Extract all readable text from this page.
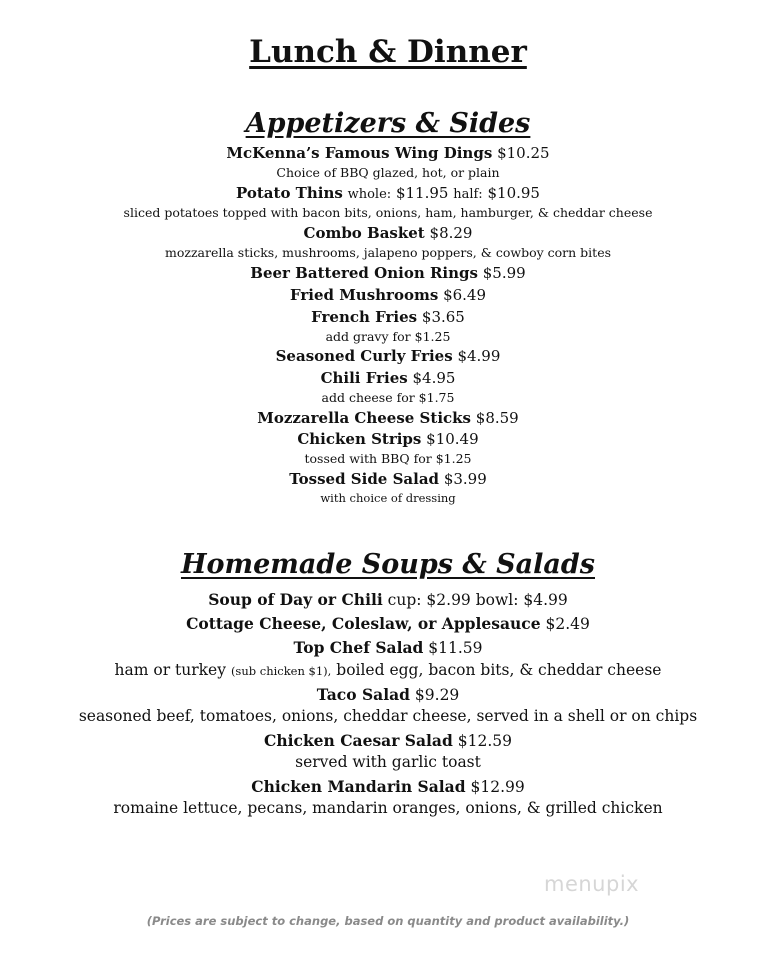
Lunch & Dinner
Appetizers & Sides
McKenna’s Famous Wing Dings $10.25
Choice of BBQ glazed, hot, or plain
Potato Thins whole: $11.95 half: $10.95
sliced potatoes topped with bacon bits, onions, ham, hamburger, & cheddar cheese
Combo Basket $8.29
mozzarella sticks, mushrooms, jalapeno poppers, & cowboy corn bites
Beer Battered Onion Rings $5.99
Fried Mushrooms $6.49
French Fries $3.65
add gravy for $1.25
Seasoned Curly Fries $4.99
Chili Fries $4.95
add cheese for $1.75
Mozzarella Cheese Sticks $8.59
Chicken Strips $10.49
tossed with BBQ for $1.25
Tossed Side Salad $3.99
with choice of dressing
Homemade Soups & Salads
Soup of Day or Chili cup: $2.99 bowl: $4.99
Cottage Cheese, Coleslaw, or Applesauce $2.49
Top Chef Salad $11.59
ham or turkey (sub chicken $1), boiled egg, bacon bits, & cheddar cheese
Taco Salad $9.29
seasoned beef, tomatoes, onions, cheddar cheese, served in a shell or on chips
Chicken Caesar Salad $12.59
served with garlic toast
Chicken Mandarin Salad $12.99
romaine lettuce, pecans, mandarin oranges, onions, & grilled chicken
menupix
(Prices are subject to change, based on quantity and product availability.)
